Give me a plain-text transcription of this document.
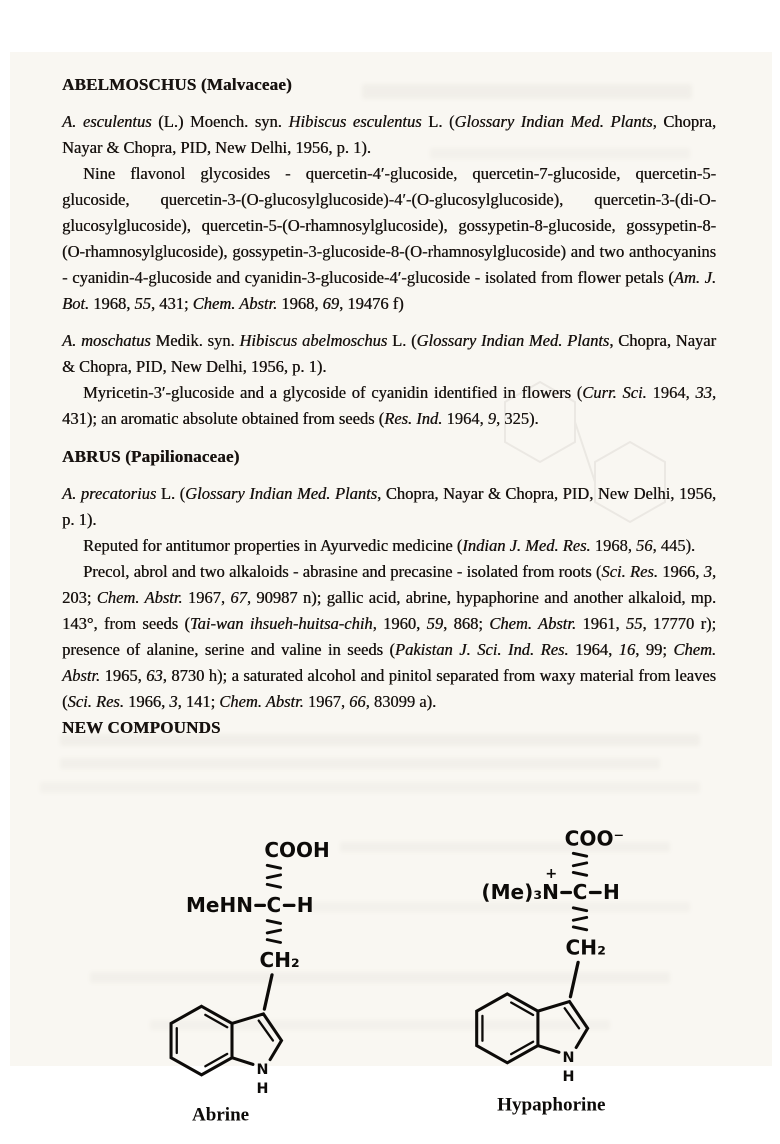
ABELMOSCHUS (Malvaceae)

A. esculentus (L.) Moench. syn. Hibiscus esculentus L. (Glossary Indian Med. Plants, Chopra, Nayar & Chopra, PID, New Delhi, 1956, p. 1).

Nine flavonol glycosides - quercetin-4′-glucoside, quercetin-7-glucoside, quercetin-5-glucoside, quercetin-3-(O-glucosylglucoside)-4′-(O-glucosylglucoside), quercetin-3-(di-O-glucosylglucoside), quercetin-5-(O-rhamnosylglucoside), gossypetin-8-glucoside, gossypetin-8-(O-rhamnosylglucoside), gossypetin-3-glucoside-8-(O-rhamnosylglucoside) and two anthocyanins - cyanidin-4-glucoside and cyanidin-3-glucoside-4′-glucoside - isolated from flower petals (Am. J. Bot. 1968, 55, 431; Chem. Abstr. 1968, 69, 19476 f)

A. moschatus Medik. syn. Hibiscus abelmoschus L. (Glossary Indian Med. Plants, Chopra, Nayar & Chopra, PID, New Delhi, 1956, p. 1).

Myricetin-3′-glucoside and a glycoside of cyanidin identified in flowers (Curr. Sci. 1964, 33, 431); an aromatic absolute obtained from seeds (Res. Ind. 1964, 9, 325).

ABRUS (Papilionaceae)

A. precatorius L. (Glossary Indian Med. Plants, Chopra, Nayar & Chopra, PID, New Delhi, 1956, p. 1).

Reputed for antitumor properties in Ayurvedic medicine (Indian J. Med. Res. 1968, 56, 445).

Precol, abrol and two alkaloids - abrasine and precasine - isolated from roots (Sci. Res. 1966, 3, 203; Chem. Abstr. 1967, 67, 90987 n); gallic acid, abrine, hypaphorine and another alkaloid, mp. 143°, from seeds (Tai-wan ihsueh-huitsa-chih, 1960, 59, 868; Chem. Abstr. 1961, 55, 17770 r); presence of alanine, serine and valine in seeds (Pakistan J. Sci. Ind. Res. 1964, 16, 99; Chem. Abstr. 1965, 63, 8730 h); a saturated alcohol and pinitol separated from waxy material from leaves (Sci. Res. 1966, 3, 141; Chem. Abstr. 1967, 66, 83099 a).

NEW COMPOUNDS
COOH
MeHN C H
CH₂
N
H
Abrine
COO⁻
+
(Me)₃N C H
CH₂
N
H
Hypaphorine
